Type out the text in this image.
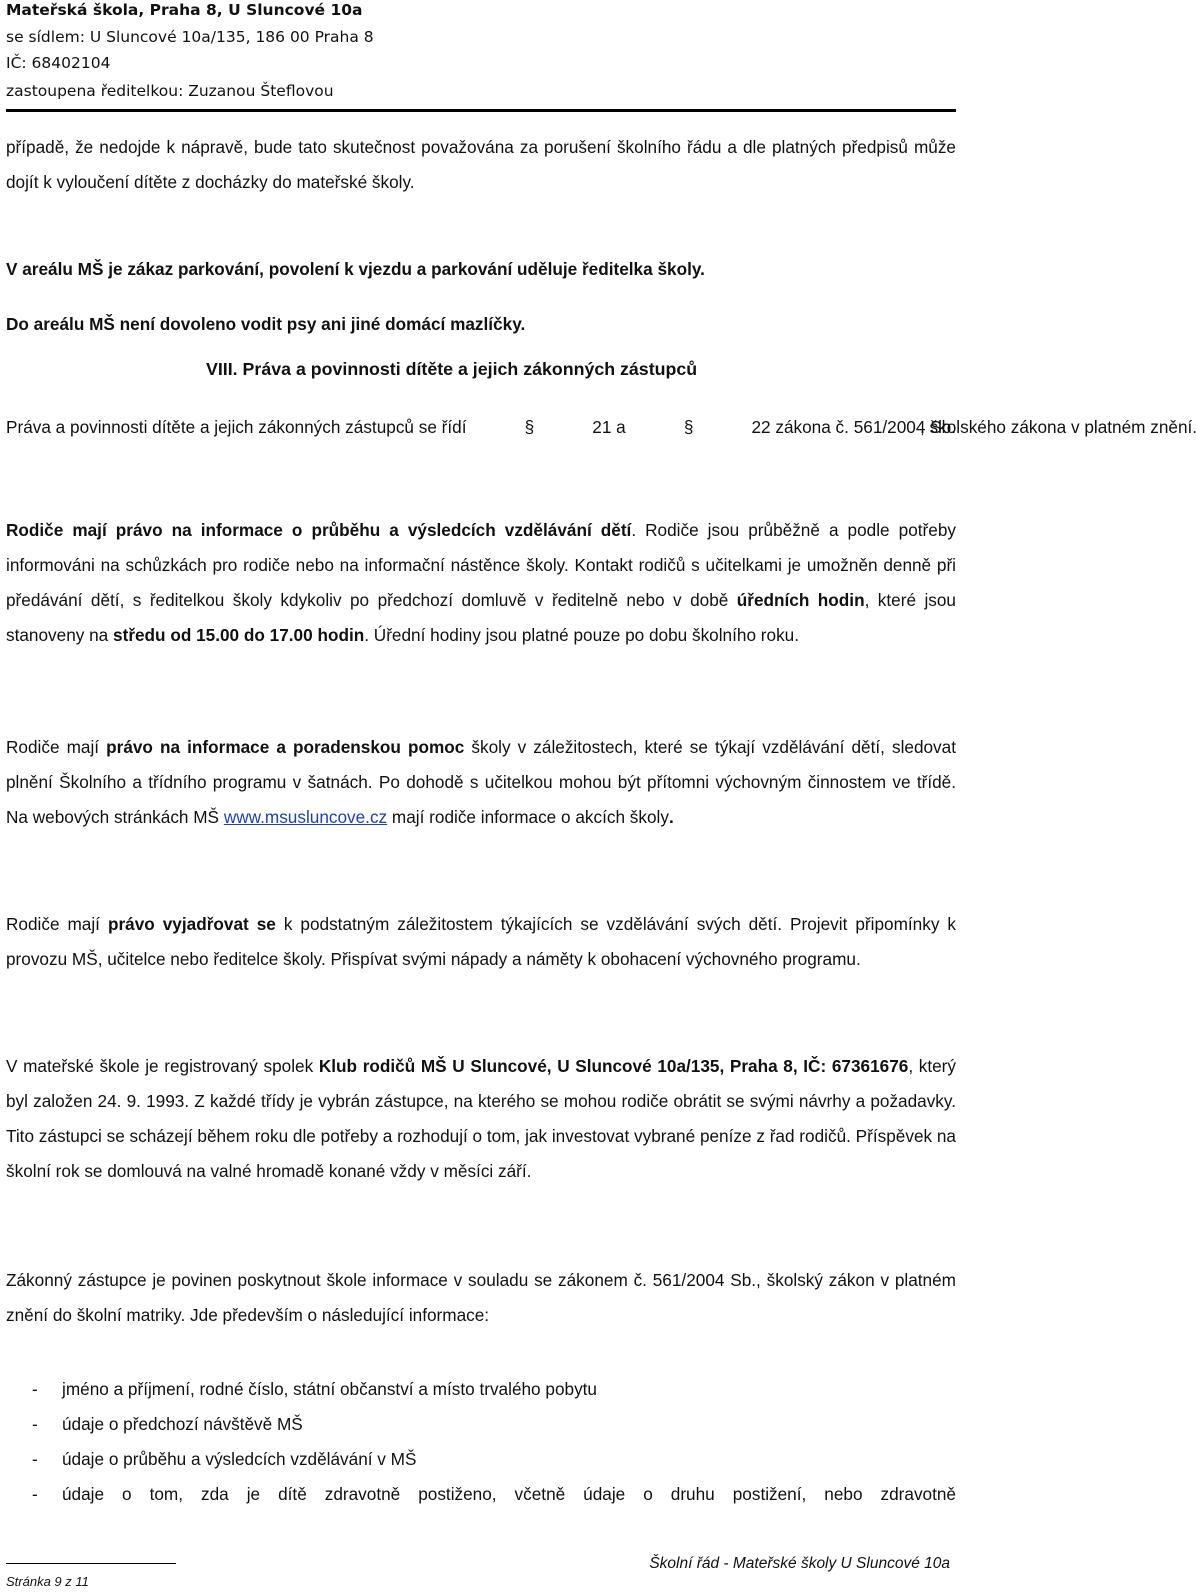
Mateřská škola, Praha 8, U Sluncové 10a
se sídlem: U Slunc​ové 10a/135, 186 00 Praha 8
IČ: 68402104
zastoupena ředitelkou: Zuzanou Šteflovou

případě, že nedojde k nápravě, bude tato skutečnost považována za porušení školního řádu a dle platných předpisů může dojít k vyloučení dítěte z docházky do mateřské školy.

V areálu MŠ je zákaz parkování, povolení k vjezdu a parkování uděluje ředitelka školy.

Do areálu MŠ není dovoleno vodit psy ani jiné domácí mazlíčky.

VIII. Práva a povinnosti dítěte a jejich zákonných zástupců

Práva a povinnosti dítěte a jejich zákonných zástupců se řídí	§	21 a	§	22 zákona č. 561/2004 Sb.

, školského zákona v platném znění.

Rodiče mají právo na informace o průběhu a výsledcích vzdělávání dětí. Rodiče jsou průběžně a podle potřeby informováni na schůzkách pro rodiče nebo na informační nástěnce školy. Kontakt rodičů s učitelkami je umožněn denně při předávání dětí, s ředitelkou školy kdykoliv po předchozí domluvě v ředitelně nebo v době úředních hodin, které jsou stanoveny na středu od 15.00 do 17.00 hodin. Úřední hodiny jsou platné pouze po dobu školního roku.

Rodiče mají právo na informace a poradenskou pomoc školy v záležitostech, které se týkají vzdělávání dětí, sledovat plnění Školního a třídního programu v šatnách. Po dohodě s učitelkou mohou být přítomni výchovným činnostem ve třídě. Na webových stránkách MŠ www.msusluncove.cz mají rodiče informace o akcích školy.

Rodiče mají právo vyjadřovat se k podstatným záležitostem týkajících se vzdělávání svých dětí. Projevit připomínky k provozu MŠ, učitelce nebo ředitelce školy. Přispívat svými nápady a náměty k obohacení výchovného programu.

V mateřské škole je registrovaný spolek Klub rodičů MŠ U Slunc​ové, U Slunc​ové 10a/135, Praha 8, IČ: 67361676, který byl založen 24. 9. 1993. Z každé třídy je vybrán zástupce, na kterého se mohou rodiče obrátit se svými návrhy a požadavky. Tito zástupci se scházejí během roku dle potřeby a rozhodují o tom, jak investovat vybrané peníze z řad rodičů. Příspěvek na školní rok se domlouvá na valné hromadě konané vždy v měsíci září.

Zákonný zástupce je povinen poskytnout škole informace v souladu se zákonem č. 561/2004 Sb., školský zákon v platném znění do školní matriky. Jde především o následující informace:

- jméno a příjmení, rodné číslo, státní občanství a místo trvalého pobytu
- údaje o předchozí návštěvě MŠ
- údaje o průběhu a výsledcích vzdělávání v MŠ
- údaje o tom, zda je dítě zdravotně postiženo, včetně údaje o druhu postižení, nebo zdravotně
Školní řád - Mateřské školy U Slunc​ové 10a
Stránka 9 z 11
